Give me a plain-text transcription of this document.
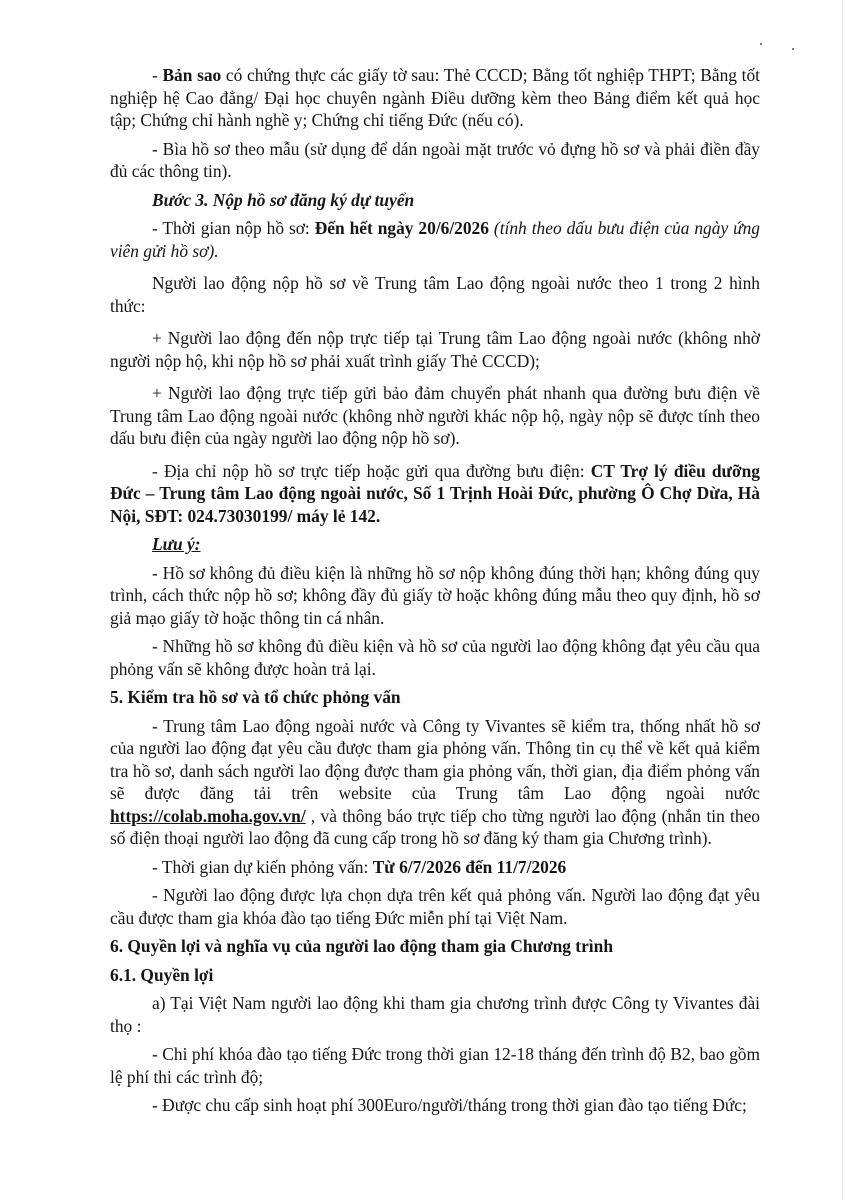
- Bản sao có chứng thực các giấy tờ sau: Thẻ CCCD; Bằng tốt nghiệp THPT; Bằng tốt nghiệp hệ Cao đẳng/ Đại học chuyên ngành Điều dưỡng kèm theo Bảng điểm kết quả học tập; Chứng chỉ hành nghề y; Chứng chỉ tiếng Đức (nếu có).

- Bìa hồ sơ theo mẫu (sử dụng để dán ngoài mặt trước vỏ đựng hồ sơ và phải điền đầy đủ các thông tin).

Bước 3. Nộp hồ sơ đăng ký dự tuyển

- Thời gian nộp hồ sơ: Đến hết ngày 20/6/2026 (tính theo dấu bưu điện của ngày ứng viên gửi hồ sơ).

Người lao động nộp hồ sơ về Trung tâm Lao động ngoài nước theo 1 trong 2 hình thức:

+ Người lao động đến nộp trực tiếp tại Trung tâm Lao động ngoài nước (không nhờ người nộp hộ, khi nộp hồ sơ phải xuất trình giấy Thẻ CCCD);

+ Người lao động trực tiếp gửi bảo đảm chuyển phát nhanh qua đường bưu điện về Trung tâm Lao động ngoài nước (không nhờ người khác nộp hộ, ngày nộp sẽ được tính theo dấu bưu điện của ngày người lao động nộp hồ sơ).

- Địa chỉ nộp hồ sơ trực tiếp hoặc gửi qua đường bưu điện: CT Trợ lý điều dưỡng Đức – Trung tâm Lao động ngoài nước, Số 1 Trịnh Hoài Đức, phường Ô Chợ Dừa, Hà Nội, SĐT: 024.73030199/ máy lẻ 142.

Lưu ý:

- Hồ sơ không đủ điều kiện là những hồ sơ nộp không đúng thời hạn; không đúng quy trình, cách thức nộp hồ sơ; không đầy đủ giấy tờ hoặc không đúng mẫu theo quy định, hồ sơ giả mạo giấy tờ hoặc thông tin cá nhân.

- Những hồ sơ không đủ điều kiện và hồ sơ của người lao động không đạt yêu cầu qua phỏng vấn sẽ không được hoàn trả lại.

5. Kiểm tra hồ sơ và tổ chức phỏng vấn

- Trung tâm Lao động ngoài nước và Công ty Vivantes sẽ kiểm tra, thống nhất hồ sơ của người lao động đạt yêu cầu được tham gia phỏng vấn. Thông tin cụ thể về kết quả kiểm tra hồ sơ, danh sách người lao động được tham gia phỏng vấn, thời gian, địa điểm phỏng vấn sẽ được đăng tải trên website của Trung tâm Lao động ngoài nước https://colab.moha.gov.vn/ , và thông báo trực tiếp cho từng người lao động (nhắn tin theo số điện thoại người lao động đã cung cấp trong hồ sơ đăng ký tham gia Chương trình).

- Thời gian dự kiến phỏng vấn: Từ 6/7/2026 đến 11/7/2026

- Người lao động được lựa chọn dựa trên kết quả phỏng vấn. Người lao động đạt yêu cầu được tham gia khóa đào tạo tiếng Đức miễn phí tại Việt Nam.

6. Quyền lợi và nghĩa vụ của người lao động tham gia Chương trình

6.1. Quyền lợi

a) Tại Việt Nam người lao động khi tham gia chương trình được Công ty Vivantes đài thọ :

- Chi phí khóa đào tạo tiếng Đức trong thời gian 12-18 tháng đến trình độ B2, bao gồm lệ phí thi các trình độ;

- Được chu cấp sinh hoạt phí 300Euro/người/tháng trong thời gian đào tạo tiếng Đức;
